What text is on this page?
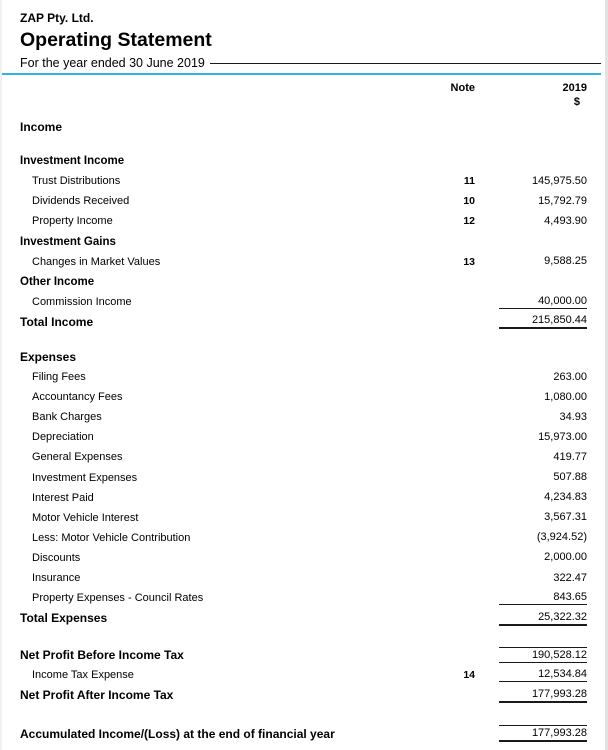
ZAP Pty. Ltd.
Operating Statement
For the year ended 30 June 2019
Note	2019
$
Income
Investment Income
Trust Distributions	11	145,975.50
Dividends Received	10	15,792.79
Property Income	12	4,493.90
Investment Gains
Changes in Market Values	13	9,588.25
Other Income
Commission Income	40,000.00
Total Income	215,850.44
Expenses
Filing Fees	263.00
Accountancy Fees	1,080.00
Bank Charges	34.93
Depreciation	15,973.00
General Expenses	419.77
Investment Expenses	507.88
Interest Paid	4,234.83
Motor Vehicle Interest	3,567.31
Less: Motor Vehicle Contribution	(3,924.52)
Discounts	2,000.00
Insurance	322.47
Property Expenses - Council Rates	843.65
Total Expenses	25,322.32
Net Profit Before Income Tax	190,528.12
Income Tax Expense	14	12,534.84
Net Profit After Income Tax	177,993.28
Accumulated Income/(Loss) at the end of financial year	177,993.28
